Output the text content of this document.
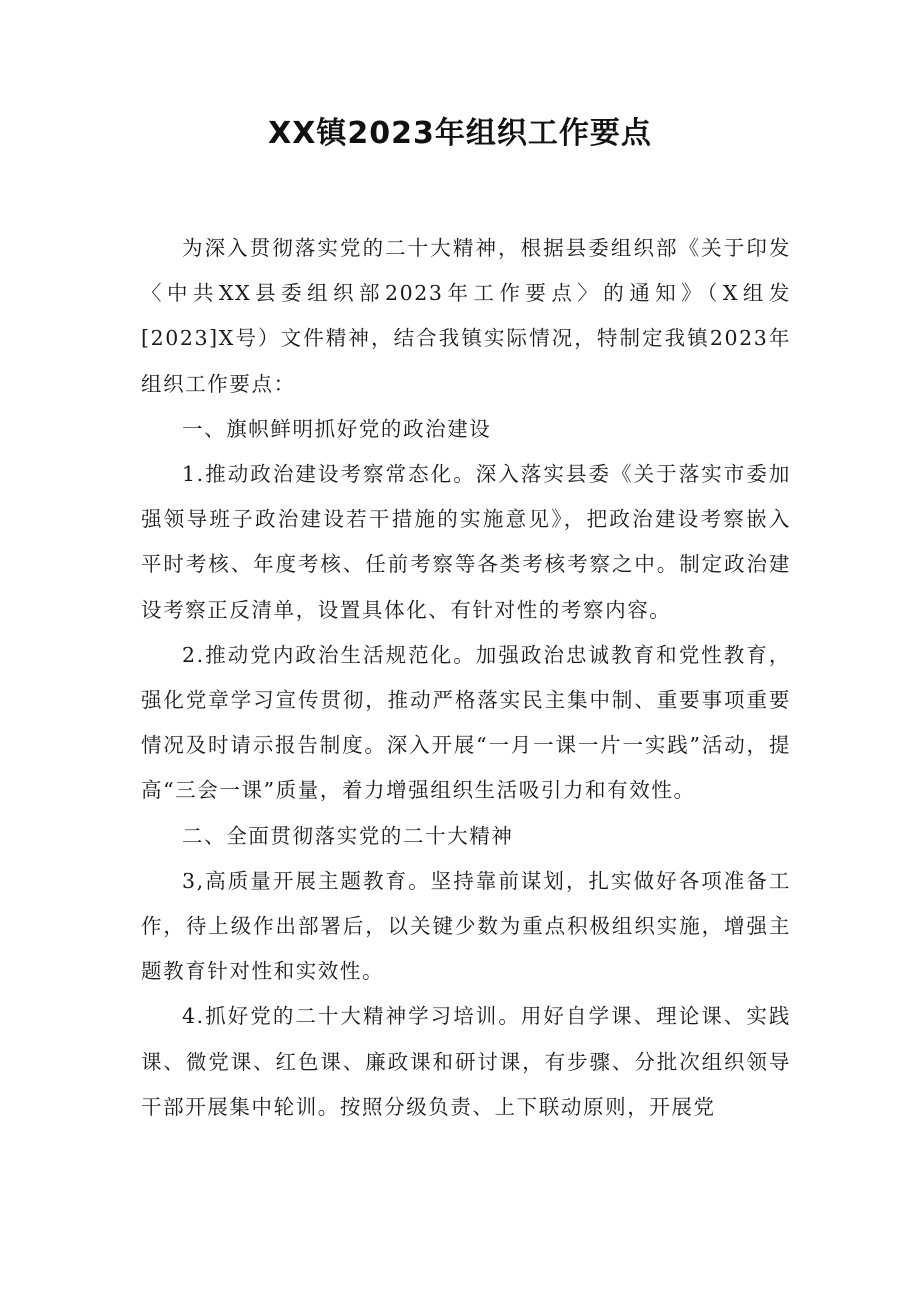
XX镇2023年组织工作要点

为深入贯彻落实党的二十大精神，根据县委组织部《关于印发〈中共XX县委组织部2023年工作要点〉的通知》（X组发[2023]X号）文件精神，结合我镇实际情况，特制定我镇2023年组织工作要点：

一、旗帜鲜明抓好党的政治建设

1.推动政治建设考察常态化。深入落实县委《关于落实市委加强领导班子政治建设若干措施的实施意见》，把政治建设考察嵌入平时考核、年度考核、任前考察等各类考核考察之中。制定政治建设考察正反清单，设置具体化、有针对性的考察内容。

2.推动党内政治生活规范化。加强政治忠诚教育和党性教育，强化党章学习宣传贯彻，推动严格落实民主集中制、重要事项重要情况及时请示报告制度。深入开展“一月一课一片一实践”活动，提高“三会一课”质量，着力增强组织生活吸引力和有效性。

二、全面贯彻落实党的二十大精神

3,高质量开展主题教育。坚持靠前谋划，扎实做好各项准备工作，待上级作出部署后，以关键少数为重点积极组织实施，增强主题教育针对性和实效性。

4.抓好党的二十大精神学习培训。用好自学课、理论课、实践课、微党课、红色课、廉政课和研讨课，有步骤、分批次组织领导干部开展集中轮训。按照分级负责、上下联动原则，开展党
